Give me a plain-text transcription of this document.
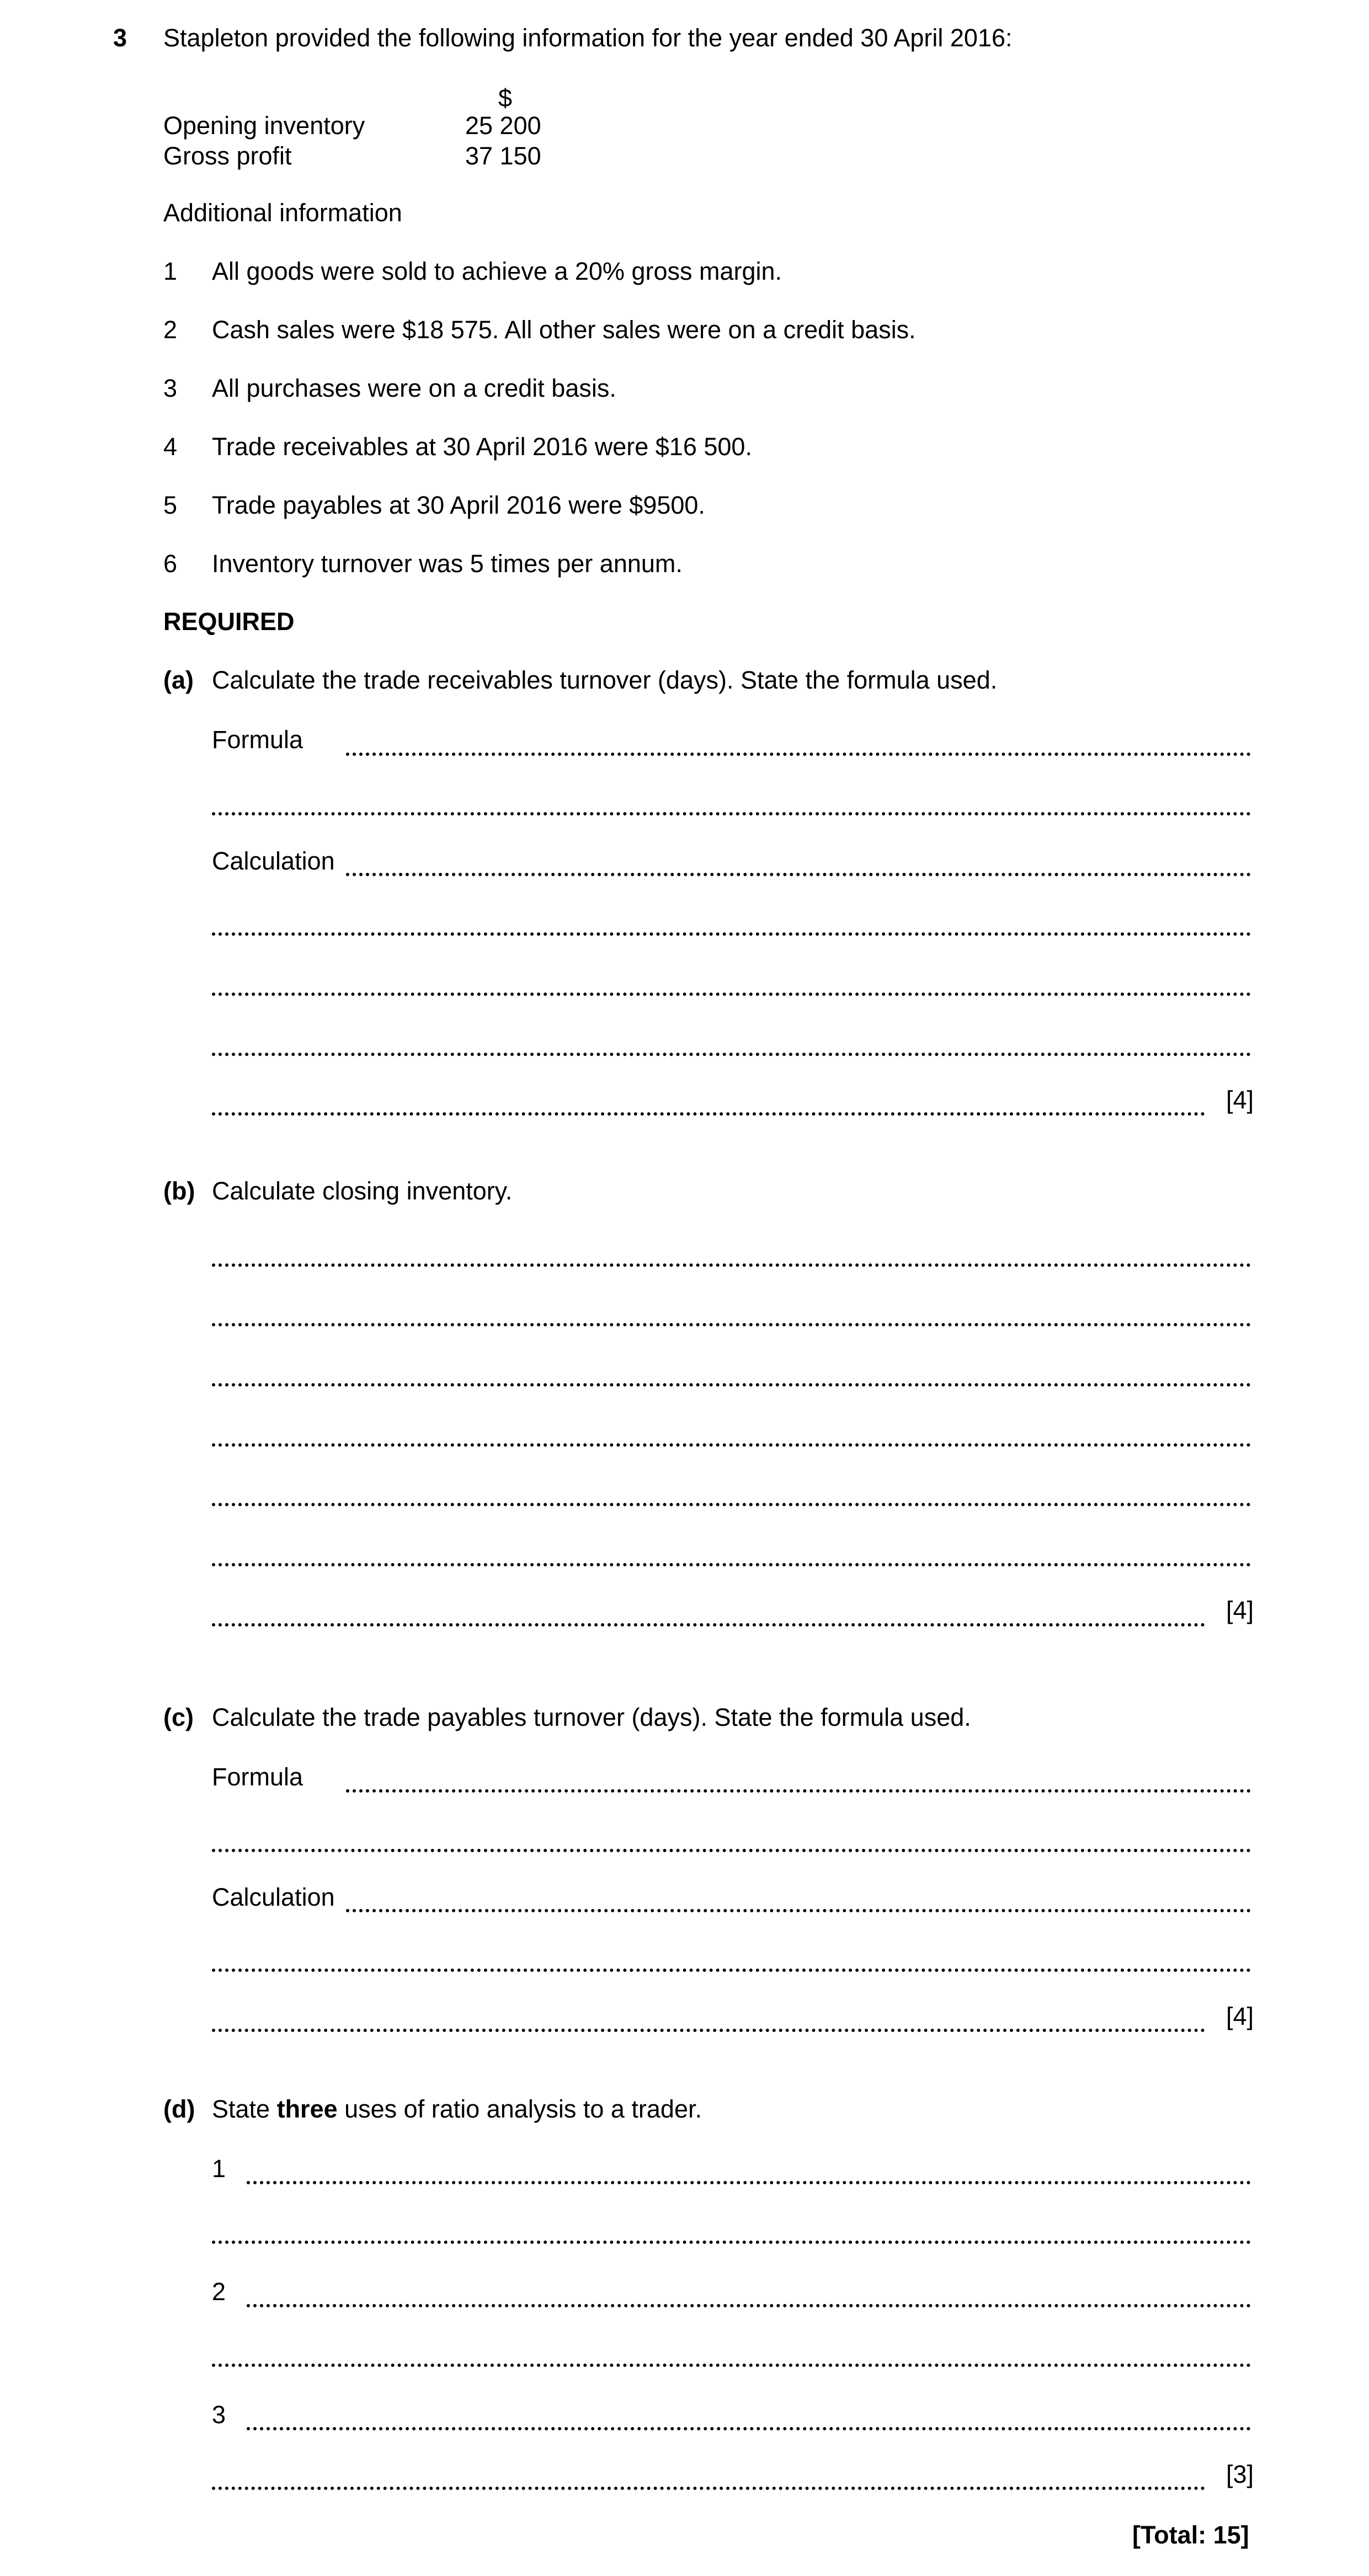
3 Stapleton provided the following information for the year ended 30 April 2016:
$
Opening inventory	25 200
Gross profit	37 150
Additional information
1 All goods were sold to achieve a 20% gross margin.
2 Cash sales were $18 575. All other sales were on a credit basis.
3 All purchases were on a credit basis.
4 Trade receivables at 30 April 2016 were $16 500.
5 Trade payables at 30 April 2016 were $9500.
6 Inventory turnover was 5 times per annum.
REQUIRED
(a) Calculate the trade receivables turnover (days). State the formula used.
Formula
Calculation
[4]
(b) Calculate closing inventory.
[4]
(c) Calculate the trade payables turnover (days). State the formula used.
Formula
Calculation
[4]
(d) State three uses of ratio analysis to a trader.
1
2
3
[3]
[Total: 15]
